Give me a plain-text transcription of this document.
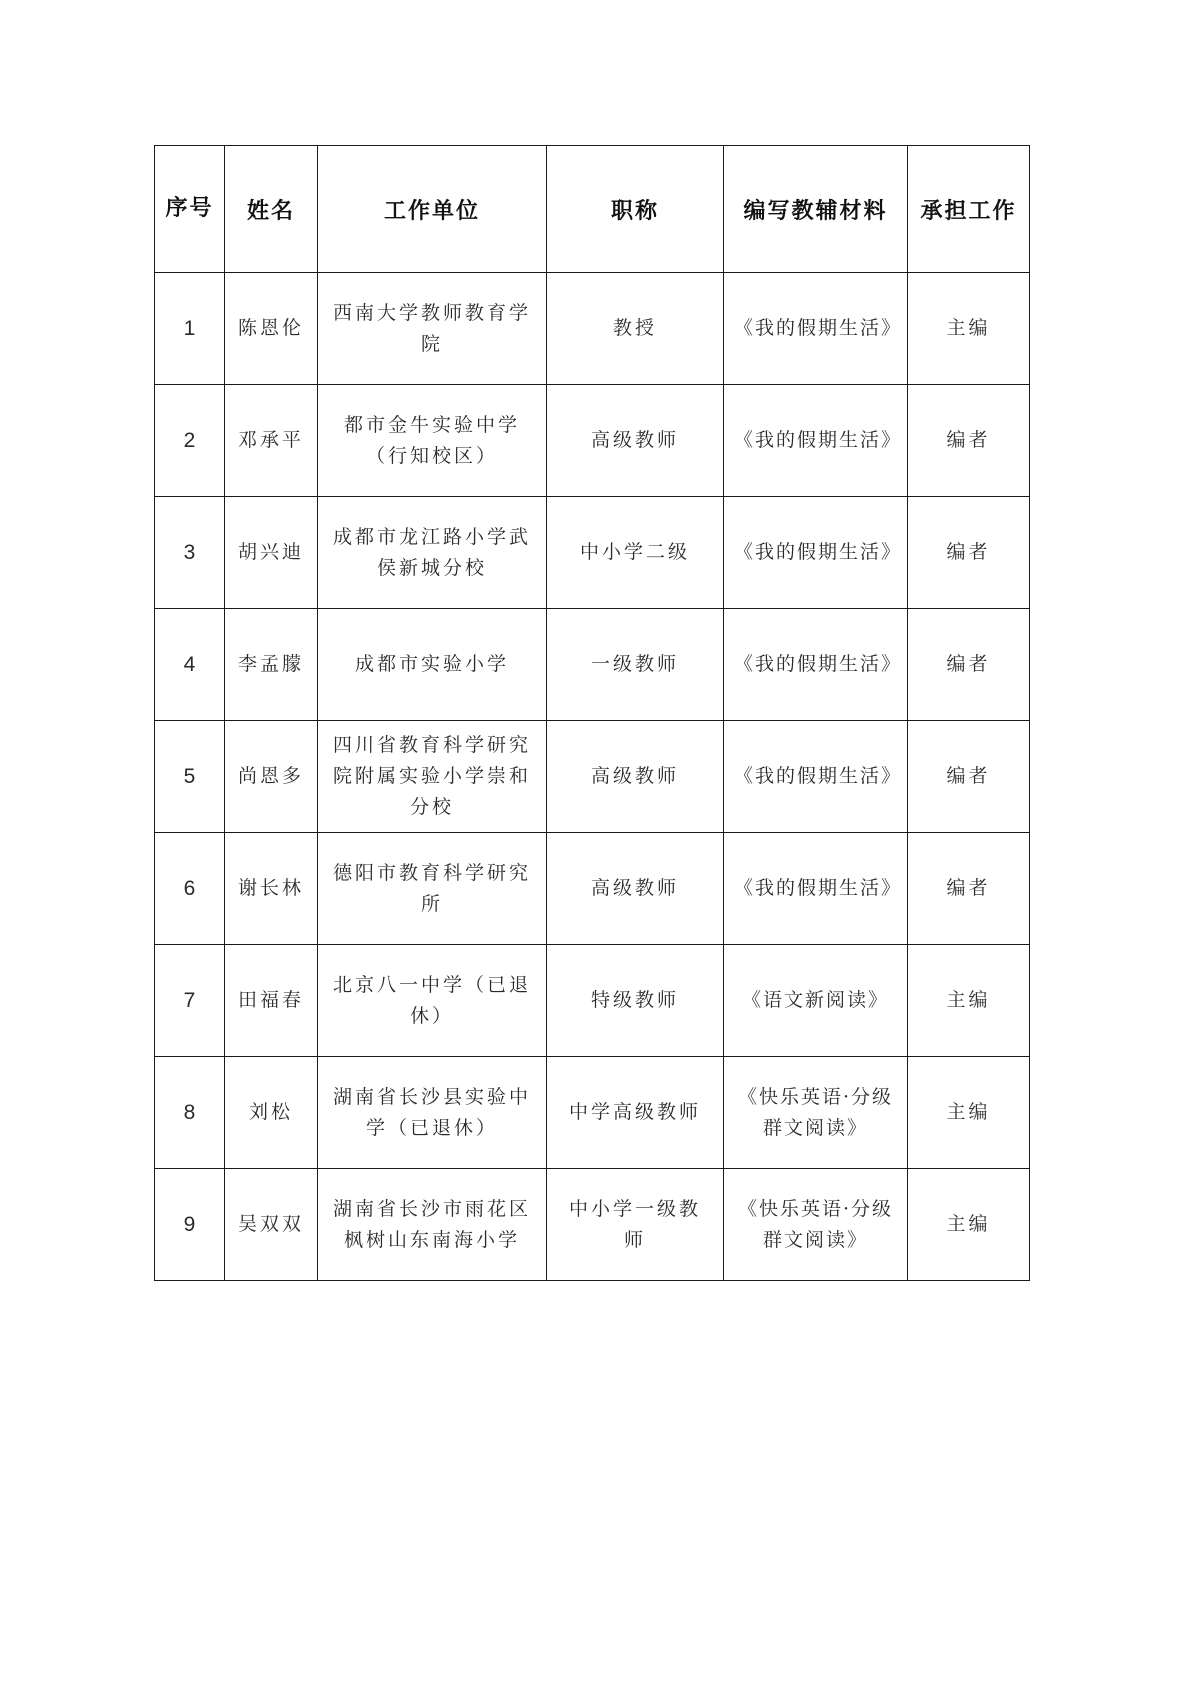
序号	姓名	工作单位	职称	编写教辅材料	承担工作
1	陈恩伦	西南大学教师教育学院	教授	《我的假期生活》	主编
2	邓承平	都市金牛实验中学（行知校区）	高级教师	《我的假期生活》	编者
3	胡兴迪	成都市龙江路小学武侯新城分校	中小学二级	《我的假期生活》	编者
4	李孟朦	成都市实验小学	一级教师	《我的假期生活》	编者
5	尚恩多	四川省教育科学研究院附属实验小学崇和分校	高级教师	《我的假期生活》	编者
6	谢长林	德阳市教育科学研究所	高级教师	《我的假期生活》	编者
7	田福春	北京八一中学（已退休）	特级教师	《语文新阅读》	主编
8	刘松	湖南省长沙县实验中学（已退休）	中学高级教师	《快乐英语·分级群文阅读》	主编
9	吴双双	湖南省长沙市雨花区枫树山东南海小学	中小学一级教师	《快乐英语·分级群文阅读》	主编
